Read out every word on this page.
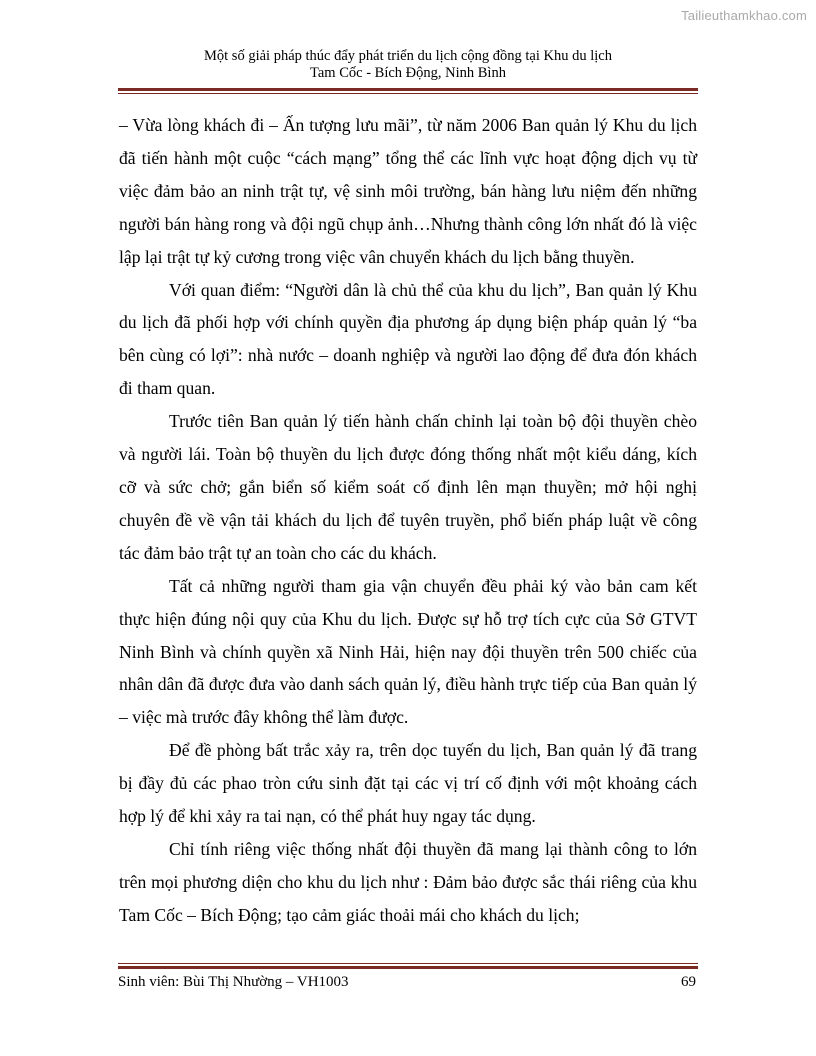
Tailieuthamkhao.com
Một số giải pháp thúc đẩy phát triển du lịch cộng đồng tại Khu du lịch
Tam Cốc - Bích Động, Ninh Bình

– Vừa lòng khách đi – Ấn tượng lưu mãi”, từ năm 2006 Ban quản lý Khu du lịch đã tiến hành một cuộc “cách mạng” tổng thể các lĩnh vực hoạt động dịch vụ từ việc đảm bảo an ninh trật tự, vệ sinh môi trường, bán hàng lưu niệm đến những người bán hàng rong và đội ngũ chụp ảnh…Nhưng thành công lớn nhất đó là việc lập lại trật tự kỷ cương trong việc vân chuyển khách du lịch bằng thuyền.

Với quan điểm: “Người dân là chủ thể của khu du lịch”, Ban quản lý Khu du lịch đã phối hợp với chính quyền địa phương áp dụng biện pháp quản lý “ba bên cùng có lợi”: nhà nước – doanh nghiệp và người lao động để đưa đón khách đi tham quan.

Trước tiên Ban quản lý tiến hành chấn chỉnh lại toàn bộ đội thuyền chèo và người lái. Toàn bộ thuyền du lịch được đóng thống nhất một kiểu dáng, kích cỡ và sức chở; gắn biển số kiểm soát cố định lên mạn thuyền; mở hội nghị chuyên đề về vận tải khách du lịch để tuyên truyền, phổ biến pháp luật về công tác đảm bảo trật tự an toàn cho các du khách.

Tất cả những người tham gia vận chuyển đều phải ký vào bản cam kết thực hiện đúng nội quy của Khu du lịch. Được sự hỗ trợ tích cực của Sở GTVT Ninh Bình và chính quyền xã Ninh Hải, hiện nay đội thuyền trên 500 chiếc của nhân dân đã được đưa vào danh sách quản lý, điều hành trực tiếp của Ban quản lý – việc mà trước đây không thể làm được.

Để đề phòng bất trắc xảy ra, trên dọc tuyến du lịch, Ban quản lý đã trang bị đầy đủ các phao tròn cứu sinh đặt tại các vị trí cố định với một khoảng cách hợp lý để khi xảy ra tai nạn, có thể phát huy ngay tác dụng.

Chỉ tính riêng việc thống nhất đội thuyền đã mang lại thành công to lớn trên mọi phương diện cho khu du lịch như : Đảm bảo được sắc thái riêng của khu Tam Cốc – Bích Động; tạo cảm giác thoải mái cho khách du lịch;

Sinh viên: Bùi Thị Nhường – VH1003	69
